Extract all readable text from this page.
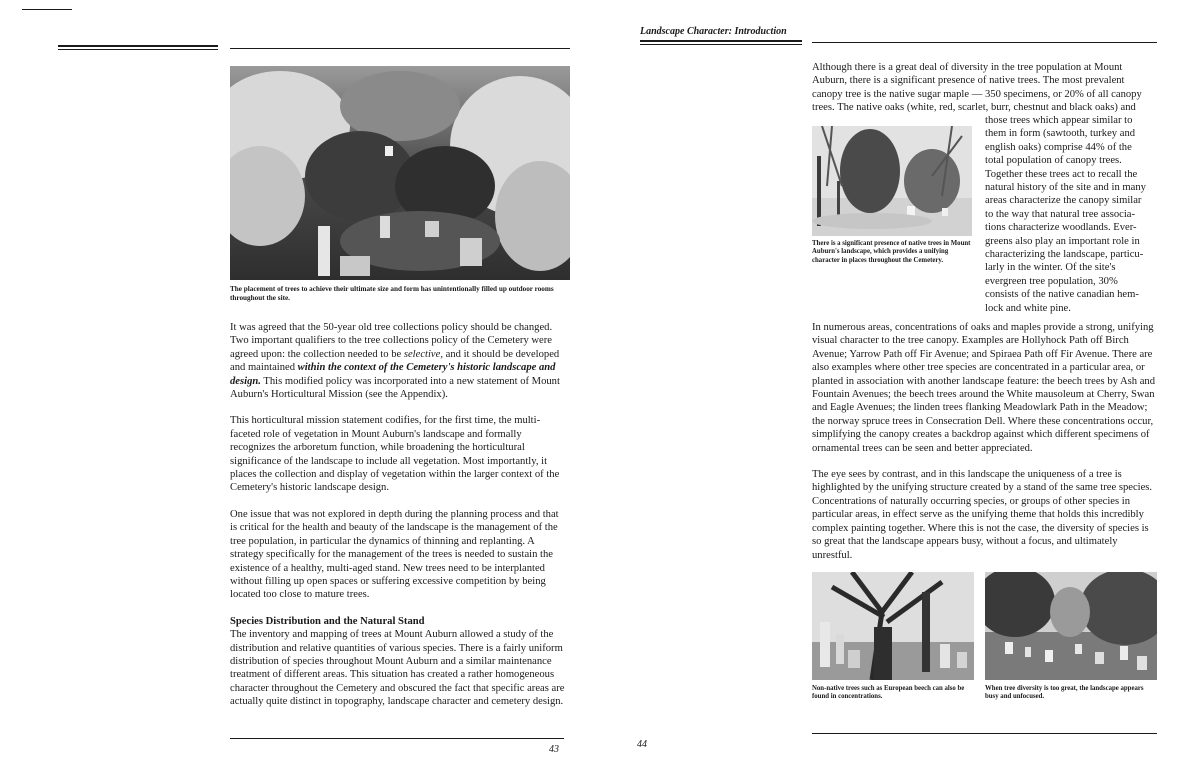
The placement of trees to achieve their ultimate size and form has unintentionally filled up outdoor rooms throughout the site.

It was agreed that the 50-year old tree collections policy should be changed. Two important qualifiers to the tree collections policy of the Cemetery were agreed upon: the collection needed to be selective, and it should be developed and maintained within the context of the Cemetery's historic landscape and design. This modified policy was incorporated into a new statement of Mount Auburn's Horticultural Mission (see the Appendix).

This horticultural mission statement codifies, for the first time, the multi-faceted role of vegetation in Mount Auburn's landscape and formally recognizes the arboretum function, while broadening the horticultural significance of the landscape to include all vegetation. Most importantly, it places the collection and display of vegetation within the larger context of the Cemetery's historic landscape design.

One issue that was not explored in depth during the planning process and that is critical for the health and beauty of the landscape is the management of the tree population, in particular the dynamics of thinning and replanting. A strategy specifically for the management of the trees is needed to sustain the existence of a healthy, multi-aged stand. New trees need to be interplanted without filling up open spaces or suffering excessive competition by being located too close to mature trees.

Species Distribution and the Natural Stand

The inventory and mapping of trees at Mount Auburn allowed a study of the distribution and relative quantities of various species. There is a fairly uniform distribution of species throughout Mount Auburn and a similar maintenance treatment of different areas. This situation has created a rather homogeneous character throughout the Cemetery and obscured the fact that specific areas are actually quite distinct in topography, landscape character and cemetery design.

43
Landscape Character: Introduction
Although there is a great deal of diversity in the tree population at Mount
Auburn, there is a significant presence of native trees. The most prevalent
canopy tree is the native sugar maple — 350 specimens, or 20% of all canopy
trees. The native oaks (white, red, scarlet, burr, chestnut and black oaks) and
There is a significant presence of native trees in Mount Auburn's landscape, which provides a unifying character in places throughout the Cemetery.
those trees which appear similar to
them in form (sawtooth, turkey and
english oaks) comprise 44% of the
total population of canopy trees.
Together these trees act to recall the
natural history of the site and in many
areas characterize the canopy similar
to the way that natural tree associa-
tions characterize woodlands. Ever-
greens also play an important role in
characterizing the landscape, particu-
larly in the winter. Of the site's
evergreen tree population, 30%
consists of the native canadian hem-
lock and white pine.

In numerous areas, concentrations of oaks and maples provide a strong, unifying visual character to the tree canopy. Examples are Hollyhock Path off Birch Avenue; Yarrow Path off Fir Avenue; and Spiraea Path off Fir Avenue. There are also examples where other tree species are concentrated in a particular area, or planted in association with another landscape feature: the beech trees by Ash and Fountain Avenues; the beech trees around the White mausoleum at Cherry, Swan and Eagle Avenues; the linden trees flanking Meadowlark Path in the Meadow; the norway spruce trees in Consecration Dell. Where these concentrations occur, simplifying the canopy creates a backdrop against which different specimens of ornamental trees can be seen and better appreciated.

The eye sees by contrast, and in this landscape the uniqueness of a tree is highlighted by the unifying structure created by a stand of the same tree species. Concentrations of naturally occurring species, or groups of other species in particular areas, in effect serve as the unifying theme that holds this incredibly complex painting together. Where this is not the case, the diversity of species is so great that the landscape appears busy, without a focus, and ultimately unrestful.

Non-native trees such as European beech can also be found in concentrations.
When tree diversity is too great, the landscape appears busy and unfocused.
44
